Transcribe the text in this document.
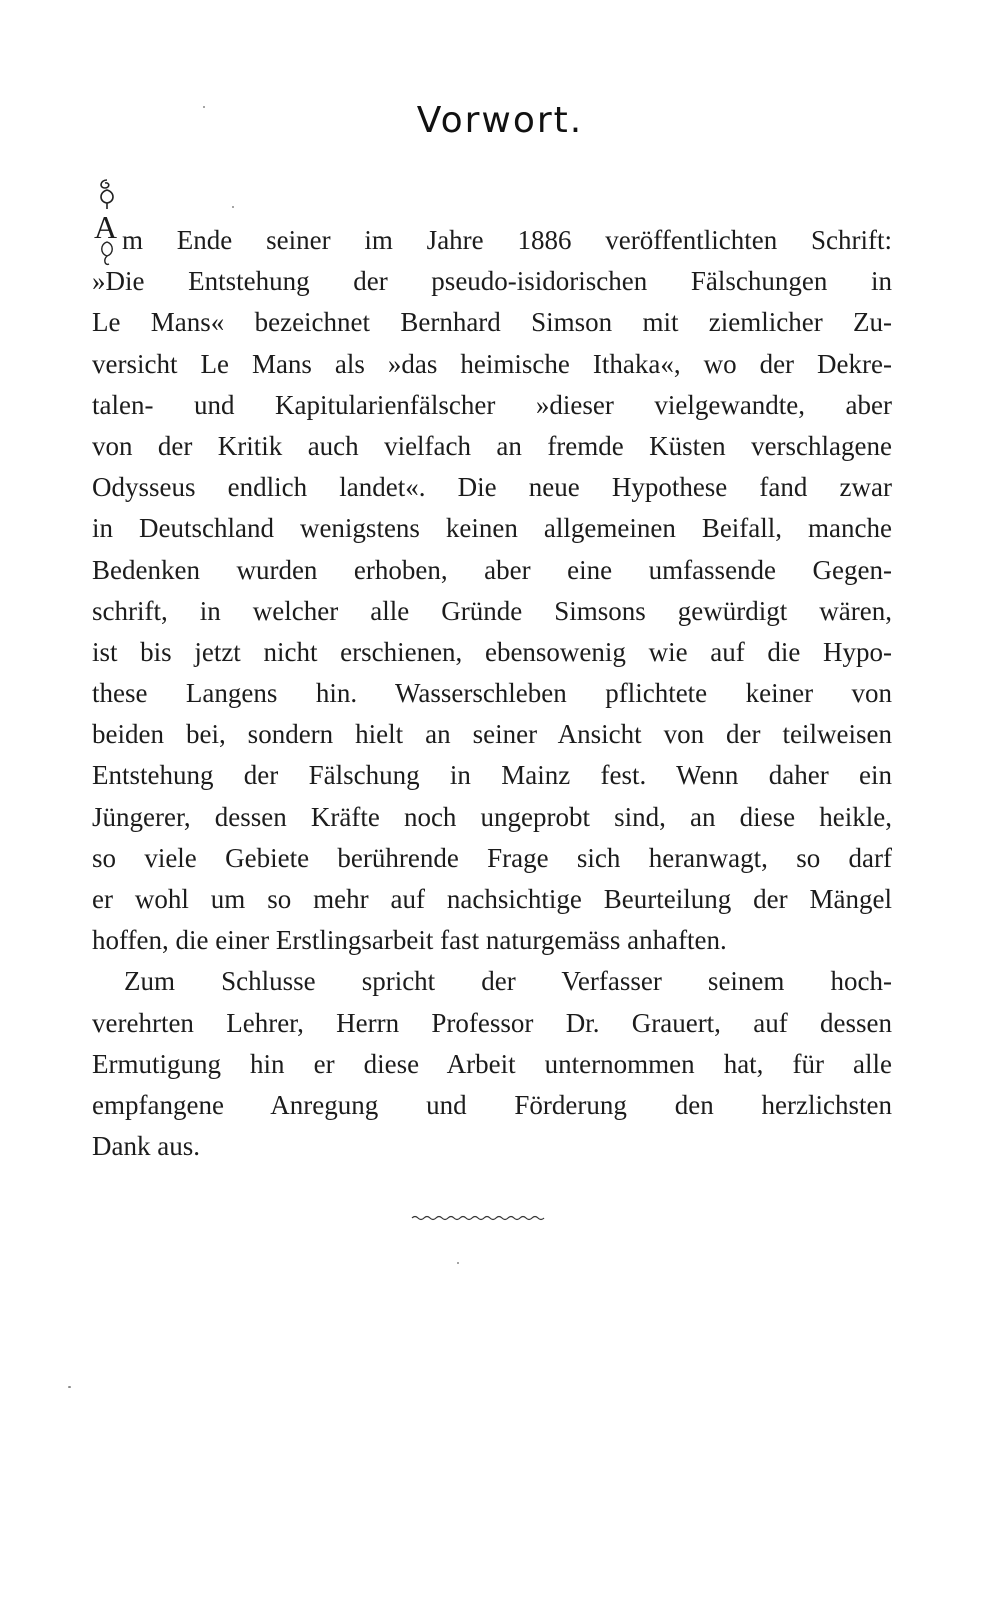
Vorwort.
A m Ende seiner im Jahre 1886 veröffentlichten Schrift:
»Die Entstehung der pseudo-isidorischen Fälschungen in
Le Mans« bezeichnet Bernhard Simson mit ziemlicher Zu-
versicht Le Mans als »das heimische Ithaka«, wo der Dekre-
talen- und Kapitularienfälscher »dieser vielgewandte, aber
von der Kritik auch vielfach an fremde Küsten verschlagene
Odysseus endlich landet«. Die neue Hypothese fand zwar
in Deutschland wenigstens keinen allgemeinen Beifall, manche
Bedenken wurden erhoben, aber eine umfassende Gegen-
schrift, in welcher alle Gründe Simsons gewürdigt wären,
ist bis jetzt nicht erschienen, ebensowenig wie auf die Hypo-
these Langens hin. Wasserschleben pflichtete keiner von
beiden bei, sondern hielt an seiner Ansicht von der teilweisen
Entstehung der Fälschung in Mainz fest. Wenn daher ein
Jüngerer, dessen Kräfte noch ungeprobt sind, an diese heikle,
so viele Gebiete berührende Frage sich heranwagt, so darf
er wohl um so mehr auf nachsichtige Beurteilung der Mängel
hoffen, die einer Erstlingsarbeit fast naturgemäss anhaften.
Zum Schlusse spricht der Verfasser seinem hoch-
verehrten Lehrer, Herrn Professor Dr. Grauert, auf dessen
Ermutigung hin er diese Arbeit unternommen hat, für alle
empfangene Anregung und Förderung den herzlichsten
Dank aus.
